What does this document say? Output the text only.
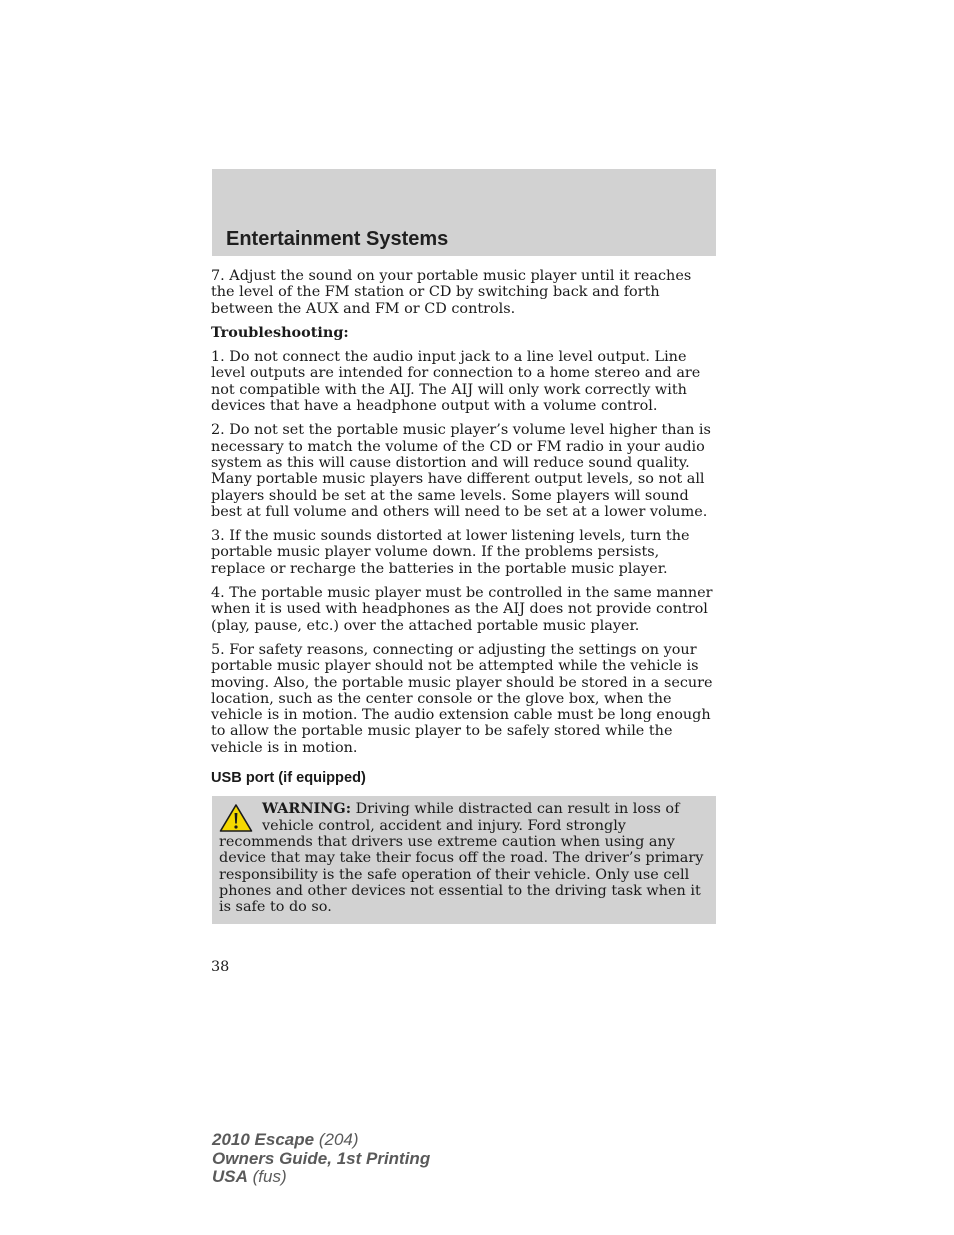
Entertainment Systems

7. Adjust the sound on your portable music player until it reaches the level of the FM station or CD by switching back and forth between the AUX and FM or CD controls.

Troubleshooting:

1. Do not connect the audio input jack to a line level output. Line level outputs are intended for connection to a home stereo and are not compatible with the AIJ. The AIJ will only work correctly with devices that have a headphone output with a volume control.

2. Do not set the portable music player’s volume level higher than is necessary to match the volume of the CD or FM radio in your audio system as this will cause distortion and will reduce sound quality. Many portable music players have different output levels, so not all players should be set at the same levels. Some players will sound best at full volume and others will need to be set at a lower volume.

3. If the music sounds distorted at lower listening levels, turn the portable music player volume down. If the problems persists, replace or recharge the batteries in the portable music player.

4. The portable music player must be controlled in the same manner when it is used with headphones as the AIJ does not provide control (play, pause, etc.) over the attached portable music player.

5. For safety reasons, connecting or adjusting the settings on your portable music player should not be attempted while the vehicle is moving. Also, the portable music player should be stored in a secure location, such as the center console or the glove box, when the vehicle is in motion. The audio extension cable must be long enough to allow the portable music player to be safely stored while the vehicle is in motion.

USB port (if equipped)

WARNING: Driving while distracted can result in loss of vehicle control, accident and injury. Ford strongly recommends that drivers use extreme caution when using any device that may take their focus off the road. The driver’s primary responsibility is the safe operation of their vehicle. Only use cell phones and other devices not essential to the driving task when it is safe to do so.

38
2010 Escape (204)
Owners Guide, 1st Printing
USA (fus)
